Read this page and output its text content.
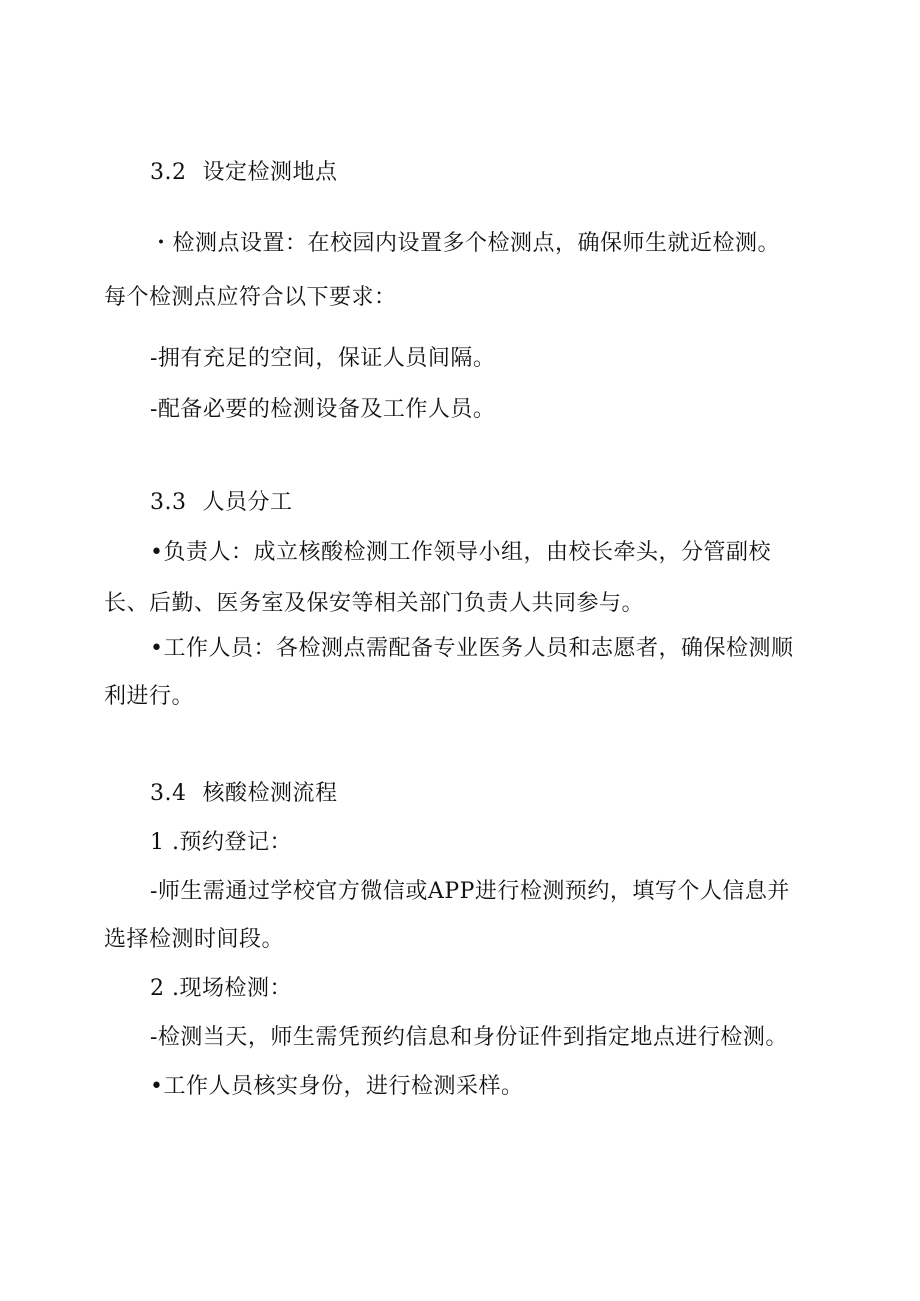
3.2 设定检测地点
・检测点设置：在校园内设置多个检测点，确保师生就近检测。
每个检测点应符合以下要求：
-拥有充足的空间，保证人员间隔。
-配备必要的检测设备及工作人员。
3.3 人员分工
•负责人：成立核酸检测工作领导小组，由校长牵头，分管副校
长、后勤、医务室及保安等相关部门负责人共同参与。
•工作人员：各检测点需配备专业医务人员和志愿者，确保检测顺
利进行。
3.4 核酸检测流程
1 .预约登记：
-师生需通过学校官方微信或APP进行检测预约，填写个人信息并
选择检测时间段。
2 .现场检测：
-检测当天，师生需凭预约信息和身份证件到指定地点进行检测。
•工作人员核实身份，进行检测采样。
